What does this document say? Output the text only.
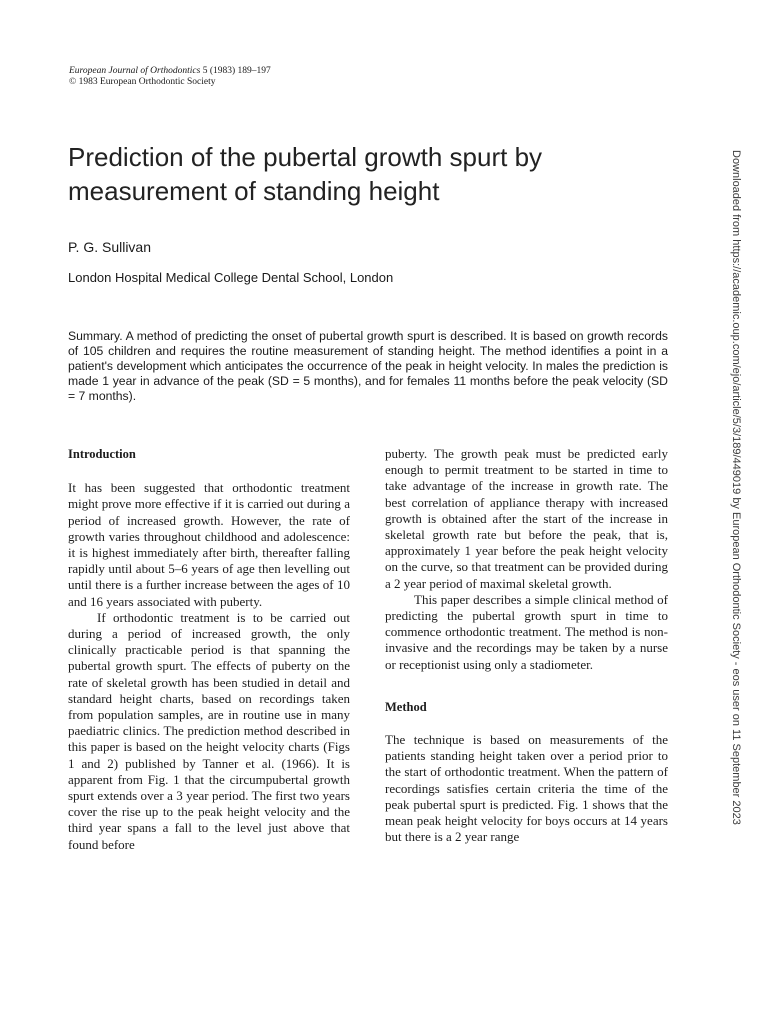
European Journal of Orthodontics 5 (1983) 189–197
© 1983 European Orthodontic Society
Prediction of the pubertal growth spurt by measurement of standing height
P. G. Sullivan
London Hospital Medical College Dental School, London
Summary. A method of predicting the onset of pubertal growth spurt is described. It is based on growth records of 105 children and requires the routine measurement of standing height. The method identifies a point in a patient's development which anticipates the occurrence of the peak in height velocity. In males the prediction is made 1 year in advance of the peak (SD = 5 months), and for females 11 months before the peak velocity (SD = 7 months).
Introduction

It has been suggested that orthodontic treatment might prove more effective if it is carried out during a period of increased growth. However, the rate of growth varies throughout childhood and adolescence: it is highest immediately after birth, thereafter falling rapidly until about 5–6 years of age then levelling out until there is a further increase between the ages of 10 and 16 years associated with puberty.

If orthodontic treatment is to be carried out during a period of increased growth, the only clinically practicable period is that spanning the pubertal growth spurt. The effects of puberty on the rate of skeletal growth has been studied in detail and standard height charts, based on recordings taken from population samples, are in routine use in many paediatric clinics. The prediction method described in this paper is based on the height velocity charts (Figs 1 and 2) published by Tanner et al. (1966). It is apparent from Fig. 1 that the circumpubertal growth spurt extends over a 3 year period. The first two years cover the rise up to the peak height velocity and the third year spans a fall to the level just above that found before

puberty. The growth peak must be predicted early enough to permit treatment to be started in time to take advantage of the increase in growth rate. The best correlation of appliance therapy with increased growth is obtained after the start of the increase in skeletal growth rate but before the peak, that is, approximately 1 year before the peak height velocity on the curve, so that treatment can be provided during a 2 year period of maximal skeletal growth.

This paper describes a simple clinical method of predicting the pubertal growth spurt in time to commence orthodontic treatment. The method is non-invasive and the recordings may be taken by a nurse or receptionist using only a stadiometer.

Method

The technique is based on measurements of the patients standing height taken over a period prior to the start of orthodontic treatment. When the pattern of recordings satisfies certain criteria the time of the peak pubertal spurt is predicted. Fig. 1 shows that the mean peak height velocity for boys occurs at 14 years but there is a 2 year range

Downloaded from https://academic.oup.com/ejo/article/5/3/189/449019 by European Orthodontic Society - eos user on 11 September 2023
